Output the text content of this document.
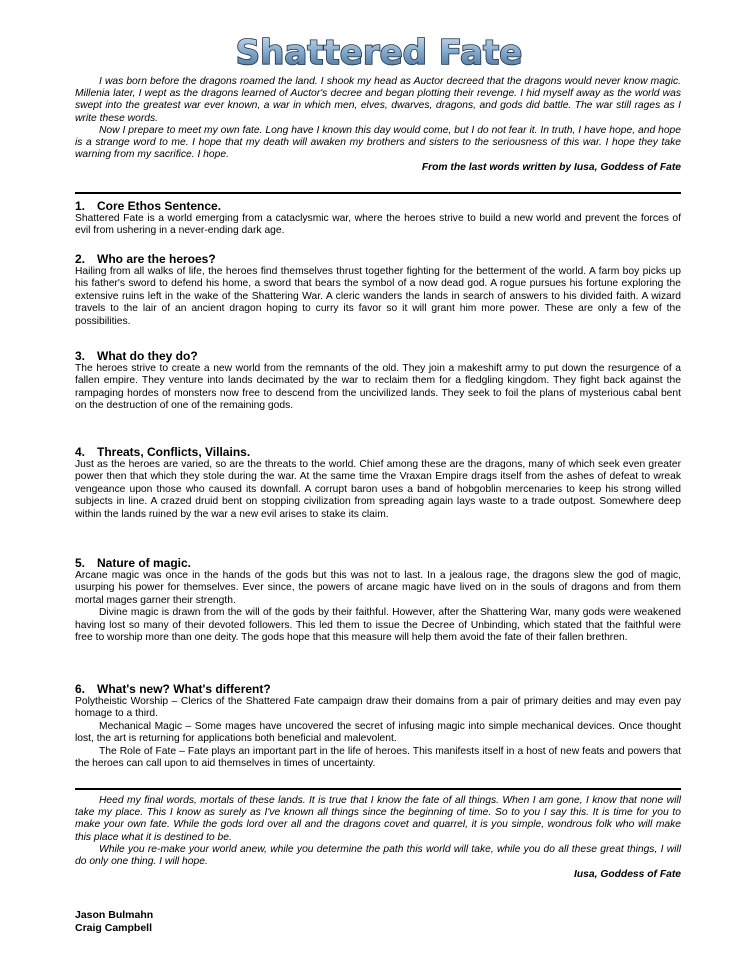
Shattered Fate

I was born before the dragons roamed the land. I shook my head as Auctor decreed that the dragons would never know magic. Millenia later, I wept as the dragons learned of Auctor's decree and began plotting their revenge. I hid myself away as the world was swept into the greatest war ever known, a war in which men, elves, dwarves, dragons, and gods did battle. The war still rages as I write these words.

Now I prepare to meet my own fate. Long have I known this day would come, but I do not fear it. In truth, I have hope, and hope is a strange word to me. I hope that my death will awaken my brothers and sisters to the seriousness of this war. I hope they take warning from my sacrifice. I hope.

From the last words written by Iusa, Goddess of Fate
1. Core Ethos Sentence.

Shattered Fate is a world emerging from a cataclysmic war, where the heroes strive to build a new world and prevent the forces of evil from ushering in a never-ending dark age.

2. Who are the heroes?

Hailing from all walks of life, the heroes find themselves thrust together fighting for the betterment of the world. A farm boy picks up his father's sword to defend his home, a sword that bears the symbol of a now dead god. A rogue pursues his fortune exploring the extensive ruins left in the wake of the Shattering War. A cleric wanders the lands in search of answers to his divided faith. A wizard travels to the lair of an ancient dragon hoping to curry its favor so it will grant him more power. These are only a few of the possibilities.

3. What do they do?

The heroes strive to create a new world from the remnants of the old. They join a makeshift army to put down the resurgence of a fallen empire. They venture into lands decimated by the war to reclaim them for a fledgling kingdom. They fight back against the rampaging hordes of monsters now free to descend from the uncivilized lands. They seek to foil the plans of mysterious cabal bent on the destruction of one of the remaining gods.

4. Threats, Conflicts, Villains.

Just as the heroes are varied, so are the threats to the world. Chief among these are the dragons, many of which seek even greater power then that which they stole during the war. At the same time the Vraxan Empire drags itself from the ashes of defeat to wreak vengeance upon those who caused its downfall. A corrupt baron uses a band of hobgoblin mercenaries to keep his strong willed subjects in line. A crazed druid bent on stopping civilization from spreading again lays waste to a trade outpost. Somewhere deep within the lands ruined by the war a new evil arises to stake its claim.

5. Nature of magic.

Arcane magic was once in the hands of the gods but this was not to last. In a jealous rage, the dragons slew the god of magic, usurping his power for themselves. Ever since, the powers of arcane magic have lived on in the souls of dragons and from them mortal mages garner their strength.

Divine magic is drawn from the will of the gods by their faithful. However, after the Shattering War, many gods were weakened having lost so many of their devoted followers. This led them to issue the Decree of Unbinding, which stated that the faithful were free to worship more than one deity. The gods hope that this measure will help them avoid the fate of their fallen brethren.

6. What's new? What's different?

Polytheistic Worship – Clerics of the Shattered Fate campaign draw their domains from a pair of primary deities and may even pay homage to a third.

Mechanical Magic – Some mages have uncovered the secret of infusing magic into simple mechanical devices. Once thought lost, the art is returning for applications both beneficial and malevolent.

The Role of Fate – Fate plays an important part in the life of heroes. This manifests itself in a host of new feats and powers that the heroes can call upon to aid themselves in times of uncertainty.

Heed my final words, mortals of these lands. It is true that I know the fate of all things. When I am gone, I know that none will take my place. This I know as surely as I've known all things since the beginning of time. So to you I say this. It is time for you to make your own fate. While the gods lord over all and the dragons covet and quarrel, it is you simple, wondrous folk who will make this place what it is destined to be.

While you re-make your world anew, while you determine the path this world will take, while you do all these great things, I will do only one thing. I will hope.

Iusa, Goddess of Fate
Jason Bulmahn
Craig Campbell
